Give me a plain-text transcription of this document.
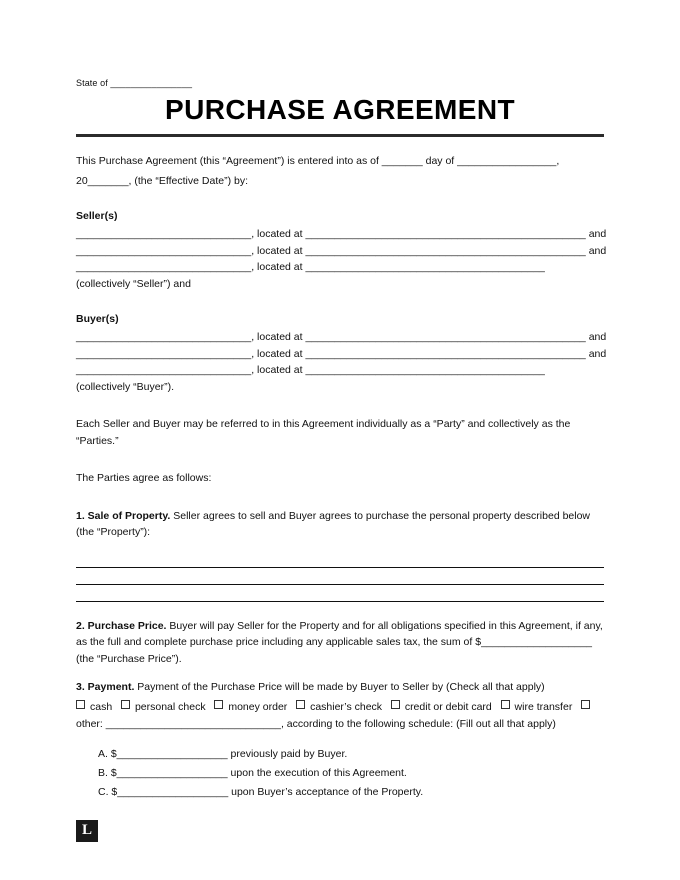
State of ________________
PURCHASE AGREEMENT

This Purchase Agreement (this “Agreement”) is entered into as of _______ day of _________________,

20_______, (the “Effective Date”) by:

Seller(s)
______________________________, located at ________________________________________________ and
______________________________, located at ________________________________________________ and
______________________________, located at _________________________________________
(collectively “Seller”) and
Buyer(s)
______________________________, located at ________________________________________________ and
______________________________, located at ________________________________________________ and
______________________________, located at _________________________________________
(collectively “Buyer”).

Each Seller and Buyer may be referred to in this Agreement individually as a “Party” and collectively as the “Parties.”

The Parties agree as follows:

1. Sale of Property. Seller agrees to sell and Buyer agrees to purchase the personal property described below (the “Property”):

2. Purchase Price. Buyer will pay Seller for the Property and for all obligations specified in this Agreement, if any, as the full and complete purchase price including any applicable sales tax, the sum of $___________________ (the “Purchase Price”).

3. Payment. Payment of the Purchase Price will be made by Buyer to Seller by (Check all that apply)

cash personal check money order cashier’s check credit or debit card wire transfer   other: ______________________________, according to the following schedule: (Fill out all that apply)
A. $___________________ previously paid by Buyer.
B. $___________________ upon the execution of this Agreement.
C. $___________________ upon Buyer’s acceptance of the Property.
L
